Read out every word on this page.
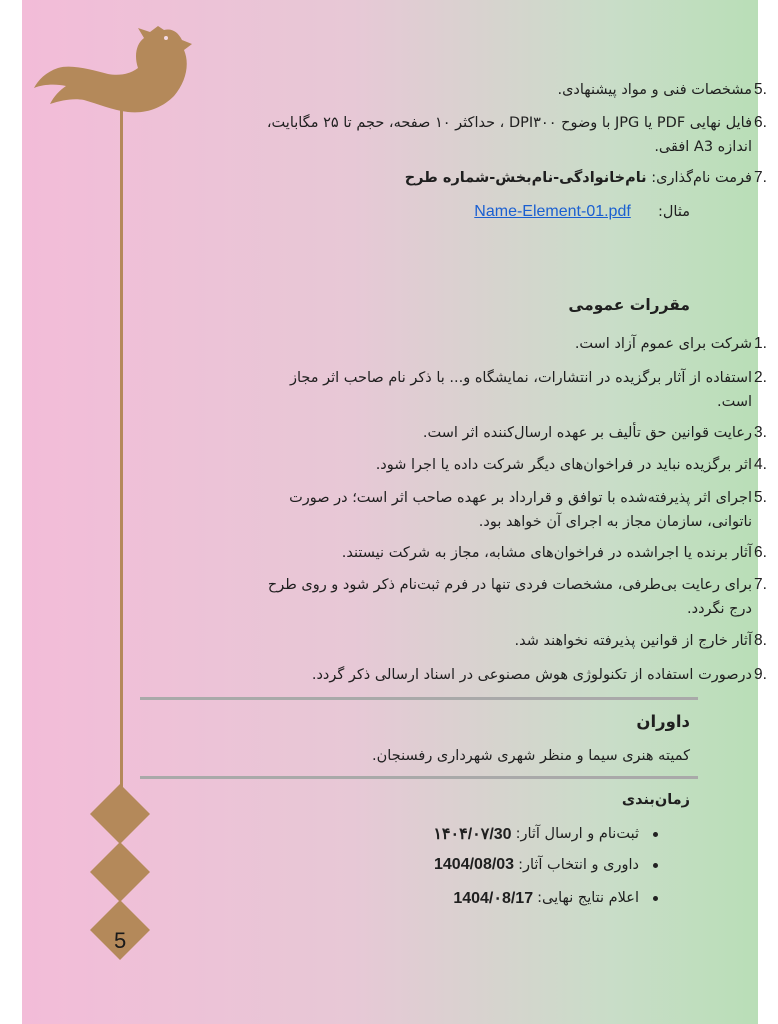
5
5.
مشخصات فنی و مواد پیشنهادی.
6.
فایل نهایی PDF یا JPG با وضوح DPI۳۰۰ ، حداکثر ۱۰ صفحه، حجم تا ۲۵ مگابایت، اندازه A3 افقی.
7.
فرمت نام‌گذاری: نام‌خانوادگی-نام‌بخش-شماره طرح
مثال:  Name-Element-01.pdf
مقررات عمومی
1.
شرکت برای عموم آزاد است.
2.
استفاده از آثار برگزیده در انتشارات، نمایشگاه و... با ذکر نام صاحب اثر مجاز است.
3.
رعایت قوانین حق تألیف بر عهده ارسال‌کننده اثر است.
4.
اثر برگزیده نباید در فراخوان‌های دیگر شرکت داده یا اجرا شود.
5.
اجرای اثر پذیرفته‌شده با توافق و قرارداد بر عهده صاحب اثر است؛ در صورت ناتوانی، سازمان مجاز به اجرای آن خواهد بود.
6.
آثار برنده یا اجراشده در فراخوان‌های مشابه، مجاز به شرکت نیستند.
7.
برای رعایت بی‌طرفی، مشخصات فردی تنها در فرم ثبت‌نام ذکر شود و روی طرح درج نگردد.
8.
آثار خارج از قوانین پذیرفته نخواهند شد.
9.
درصورت استفاده از تکنولوژی هوش مصنوعی در اسناد ارسالی ذکر گردد.
داوران
کمیته هنری سیما و منظر شهری شهرداری رفسنجان.
زمان‌بندی
ثبت‌نام و ارسال آثار:
۱۴۰۴/۰۷/30
داوری و انتخاب آثار:
1404/08/03
اعلام نتایج نهایی:
1404/۰8/17
